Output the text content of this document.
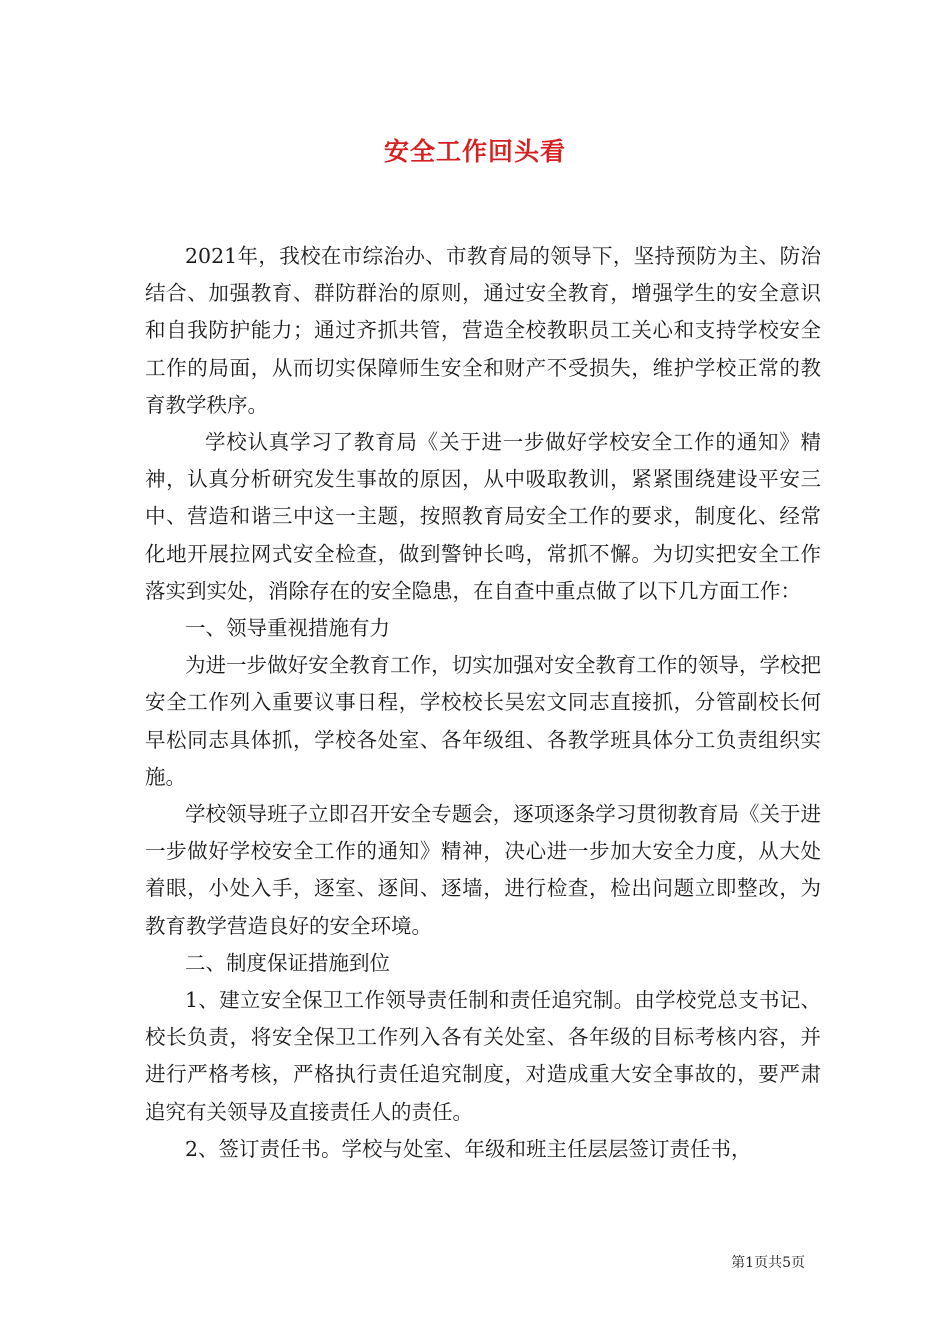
安全工作回头看

2021年，我校在市综治办、市教育局的领导下，坚持预防为主、防治结合、加强教育、群防群治的原则，通过安全教育，增强学生的安全意识和自我防护能力；通过齐抓共管，营造全校教职员工关心和支持学校安全工作的局面，从而切实保障师生安全和财产不受损失，维护学校正常的教育教学秩序。

学校认真学习了教育局《关于进一步做好学校安全工作的通知》精神，认真分析研究发生事故的原因，从中吸取教训，紧紧围绕建设平安三中、营造和谐三中这一主题，按照教育局安全工作的要求，制度化、经常化地开展拉网式安全检查，做到警钟长鸣，常抓不懈。为切实把安全工作落实到实处，消除存在的安全隐患，在自查中重点做了以下几方面工作：

一、领导重视措施有力

为进一步做好安全教育工作，切实加强对安全教育工作的领导，学校把安全工作列入重要议事日程，学校校长吴宏文同志直接抓，分管副校长何早松同志具体抓，学校各处室、各年级组、各教学班具体分工负责组织实施。

学校领导班子立即召开安全专题会，逐项逐条学习贯彻教育局《关于进一步做好学校安全工作的通知》精神，决心进一步加大安全力度，从大处着眼，小处入手，逐室、逐间、逐墙，进行检查，检出问题立即整改，为教育教学营造良好的安全环境。

二、制度保证措施到位

1、建立安全保卫工作领导责任制和责任追究制。由学校党总支书记、校长负责，将安全保卫工作列入各有关处室、各年级的目标考核内容，并进行严格考核，严格执行责任追究制度，对造成重大安全事故的，要严肃追究有关领导及直接责任人的责任。

2、签订责任书。学校与处室、年级和班主任层层签订责任书，

第1页共5页
